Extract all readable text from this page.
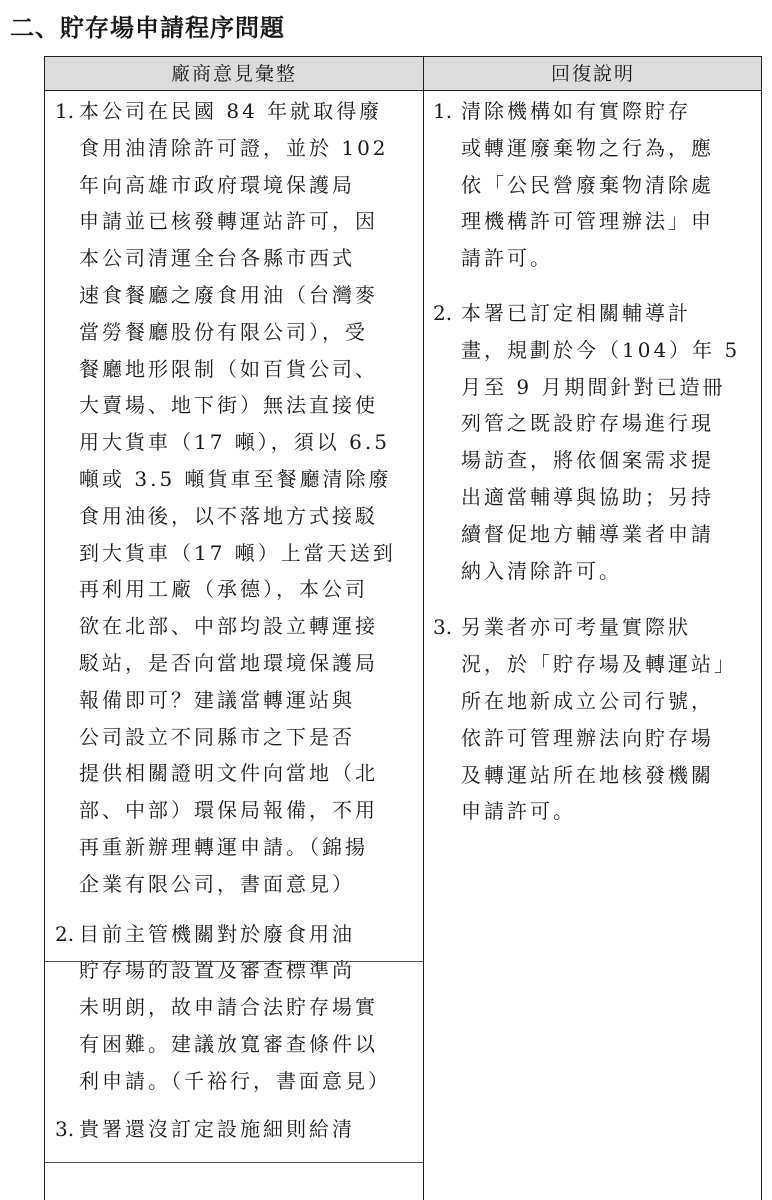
二、貯存場申請程序問題
廠商意見彙整	回復說明
1. 本公司在民國 84 年就取得廢
食用油清除許可證，並於 102
年向高雄市政府環境保護局
申請並已核發轉運站許可，因
本公司清運全台各縣市西式
速食餐廳之廢食用油（台灣麥
當勞餐廳股份有限公司），受
餐廳地形限制（如百貨公司、
大賣場、地下街）無法直接使
用大貨車（17 噸），須以 6.5
噸或 3.5 噸貨車至餐廳清除廢
食用油後，以不落地方式接駁
到大貨車（17 噸）上當天送到
再利用工廠（承德），本公司
欲在北部、中部均設立轉運接
駁站，是否向當地環境保護局
報備即可？建議當轉運站與
公司設立不同縣市之下是否
提供相關證明文件向當地（北
部、中部）環保局報備，不用
再重新辦理轉運申請。（錦揚
企業有限公司，書面意見）
2. 目前主管機關對於廢食用油
貯存場的設置及審查標準尚
未明朗，故申請合法貯存場實
有困難。建議放寬審查條件以
利申請。（千裕行，書面意見）
3. 貴署還沒訂定設施細則給清
1. 清除機構如有實際貯存
或轉運廢棄物之行為，應
依「公民營廢棄物清除處
理機構許可管理辦法」申
請許可。
2. 本署已訂定相關輔導計
畫，規劃於今（104）年 5
月至 9 月期間針對已造冊
列管之既設貯存場進行現
場訪查，將依個案需求提
出適當輔導與協助；另持
續督促地方輔導業者申請
納入清除許可。
3. 另業者亦可考量實際狀
況，於「貯存場及轉運站」
所在地新成立公司行號，
依許可管理辦法向貯存場
及轉運站所在地核發機關
申請許可。
